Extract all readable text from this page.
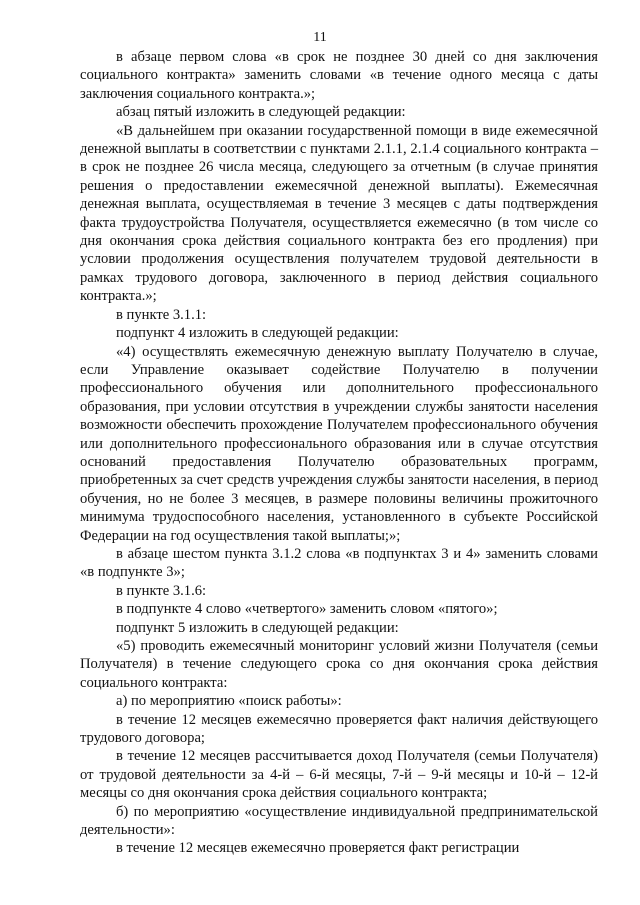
11

в абзаце первом слова «в срок не позднее 30 дней со дня заключения социального контракта» заменить словами «в течение одного месяца с даты заключения социального контракта.»;

абзац пятый изложить в следующей редакции:

«В дальнейшем при оказании государственной помощи в виде ежемесячной денежной выплаты в соответствии с пунктами 2.1.1, 2.1.4 социального контракта – в срок не позднее 26 числа месяца, следующего за отчетным (в случае принятия решения о предоставлении ежемесячной денежной выплаты). Ежемесячная денежная выплата, осуществляемая в течение 3 месяцев с даты подтверждения факта трудоустройства Получателя, осуществляется ежемесячно (в том числе со дня окончания срока действия социального контракта без его продления) при условии продолжения осуществления получателем трудовой деятельности в рамках трудового договора, заключенного в период действия социального контракта.»;

в пункте 3.1.1:

подпункт 4 изложить в следующей редакции:

«4) осуществлять ежемесячную денежную выплату Получателю в случае, если Управление оказывает содействие Получателю в получении профессионального обучения или дополнительного профессионального образования, при условии отсутствия в учреждении службы занятости населения возможности обеспечить прохождение Получателем профессионального обучения или дополнительного профессионального образования или в случае отсутствия оснований предоставления Получателю образовательных программ, приобретенных за счет средств учреждения службы занятости населения, в период обучения, но не более 3 месяцев, в размере половины величины прожиточного минимума трудоспособного населения, установленного в субъекте Российской Федерации на год осуществления такой выплаты;»;

в абзаце шестом пункта 3.1.2 слова «в подпунктах 3 и 4» заменить словами «в подпункте 3»;

в пункте 3.1.6:

в подпункте 4 слово «четвертого» заменить словом «пятого»;

подпункт 5 изложить в следующей редакции:

«5) проводить ежемесячный мониторинг условий жизни Получателя (семьи Получателя) в течение следующего срока со дня окончания срока действия социального контракта:

а) по мероприятию «поиск работы»:

в течение 12 месяцев ежемесячно проверяется факт наличия действующего трудового договора;

в течение 12 месяцев рассчитывается доход Получателя (семьи Получателя) от трудовой деятельности за 4-й – 6-й месяцы, 7-й – 9-й месяцы и 10-й – 12-й месяцы со дня окончания срока действия социального контракта;

б) по мероприятию «осуществление индивидуальной предпринимательской деятельности»:

в течение 12 месяцев ежемесячно проверяется факт регистрации
